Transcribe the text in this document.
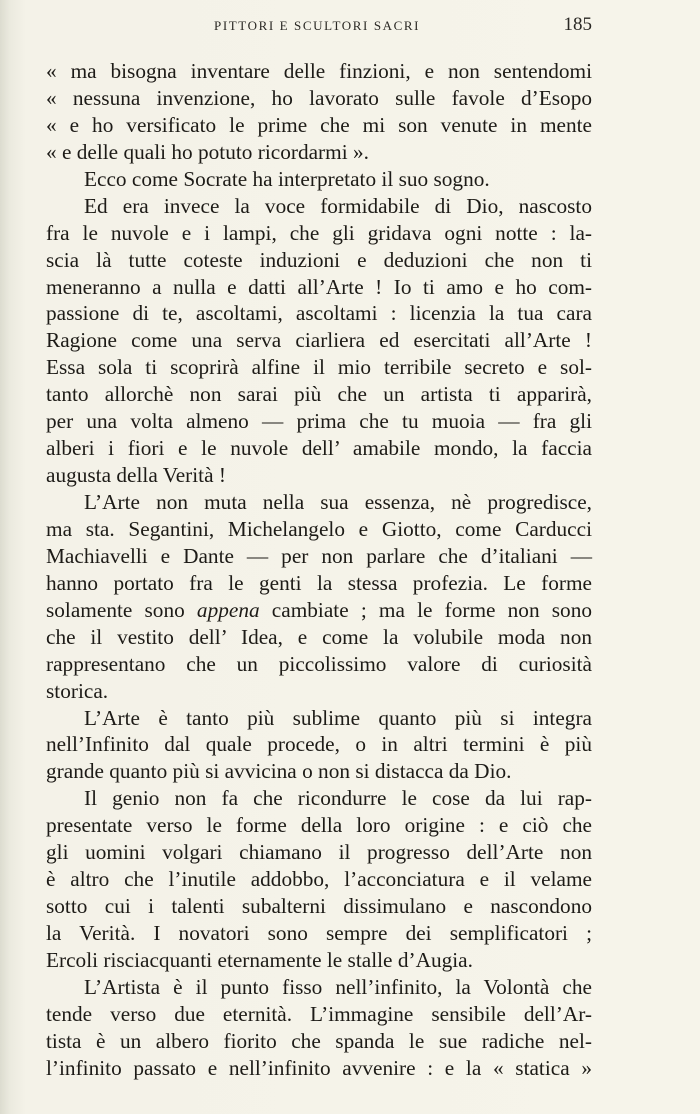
PITTORI E SCULTORI SACRI	185
« ma bisogna inventare delle finzioni, e non sentendomi
« nessuna invenzione, ho lavorato sulle favole d’Esopo
« e ho versificato le prime che mi son venute in mente
« e delle quali ho potuto ricordarmi ».
Ecco come Socrate ha interpretato il suo sogno.
Ed era invece la voce formidabile di Dio, nascosto
fra le nuvole e i lampi, che gli gridava ogni notte : la-
scia là tutte coteste induzioni e deduzioni che non ti
meneranno a nulla e datti all’Arte ! Io ti amo e ho com-
passione di te, ascoltami, ascoltami : licenzia la tua cara
Ragione come una serva ciarliera ed esercitati all’Arte !
Essa sola ti scoprirà alfine il mio terribile secreto e sol-
tanto allorchè non sarai più che un artista ti apparirà,
per una volta almeno — prima che tu muoia — fra gli
alberi i fiori e le nuvole dell’ amabile mondo, la faccia
augusta della Verità !
L’Arte non muta nella sua essenza, nè progredisce,
ma sta. Segantini, Michelangelo e Giotto, come Carducci
Machiavelli e Dante — per non parlare che d’italiani —
hanno portato fra le genti la stessa profezia. Le forme
solamente sono appena cambiate ; ma le forme non sono
che il vestito dell’ Idea, e come la volubile moda non
rappresentano che un piccolissimo valore di curiosità
storica.
L’Arte è tanto più sublime quanto più si integra
nell’Infinito dal quale procede, o in altri termini è più
grande quanto più si avvicina o non si distacca da Dio.
Il genio non fa che ricondurre le cose da lui rap-
presentate verso le forme della loro origine : e ciò che
gli uomini volgari chiamano il progresso dell’Arte non
è altro che l’inutile addobbo, l’acconciatura e il velame
sotto cui i talenti subalterni dissimulano e nascondono
la Verità. I novatori sono sempre dei semplificatori ;
Ercoli risciacquanti eternamente le stalle d’Augia.
L’Artista è il punto fisso nell’infinito, la Volontà che
tende verso due eternità. L’immagine sensibile dell’Ar-
tista è un albero fiorito che spanda le sue radiche nel-
l’infinito passato e nell’infinito avvenire : e la « statica »
